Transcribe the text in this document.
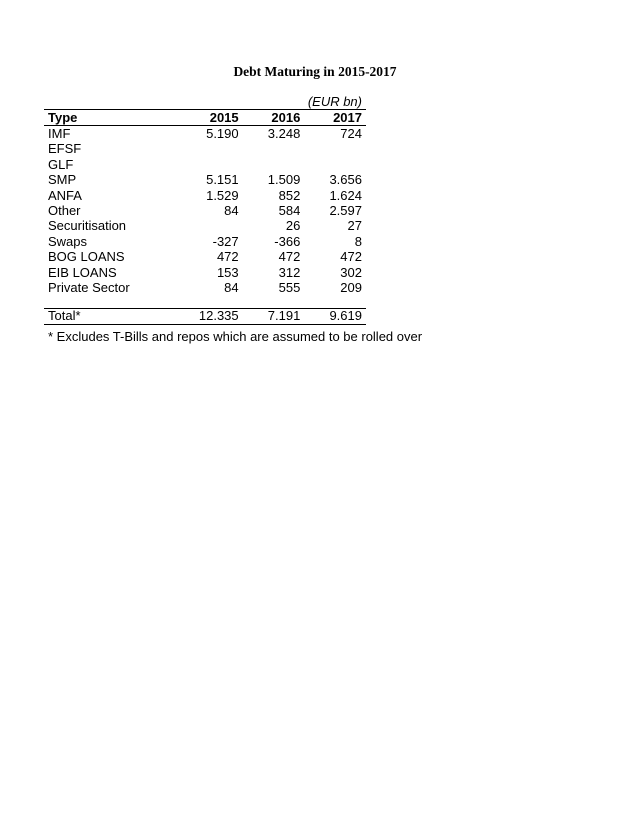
Debt Maturing in 2015-2017
(EUR bn)
Type	2015	2016	2017
IMF	5.190	3.248	724
EFSF			
GLF			
SMP	5.151	1.509	3.656
ANFA	1.529	852	1.624
Other	84	584	2.597
Securitisation		26	27
Swaps	-327	-366	8
BOG LOANS	472	472	472
EIB LOANS	153	312	302
Private Sector	84	555	209

Total*	12.335	7.191	9.619
* Excludes T-Bills and repos which are assumed to be rolled over
